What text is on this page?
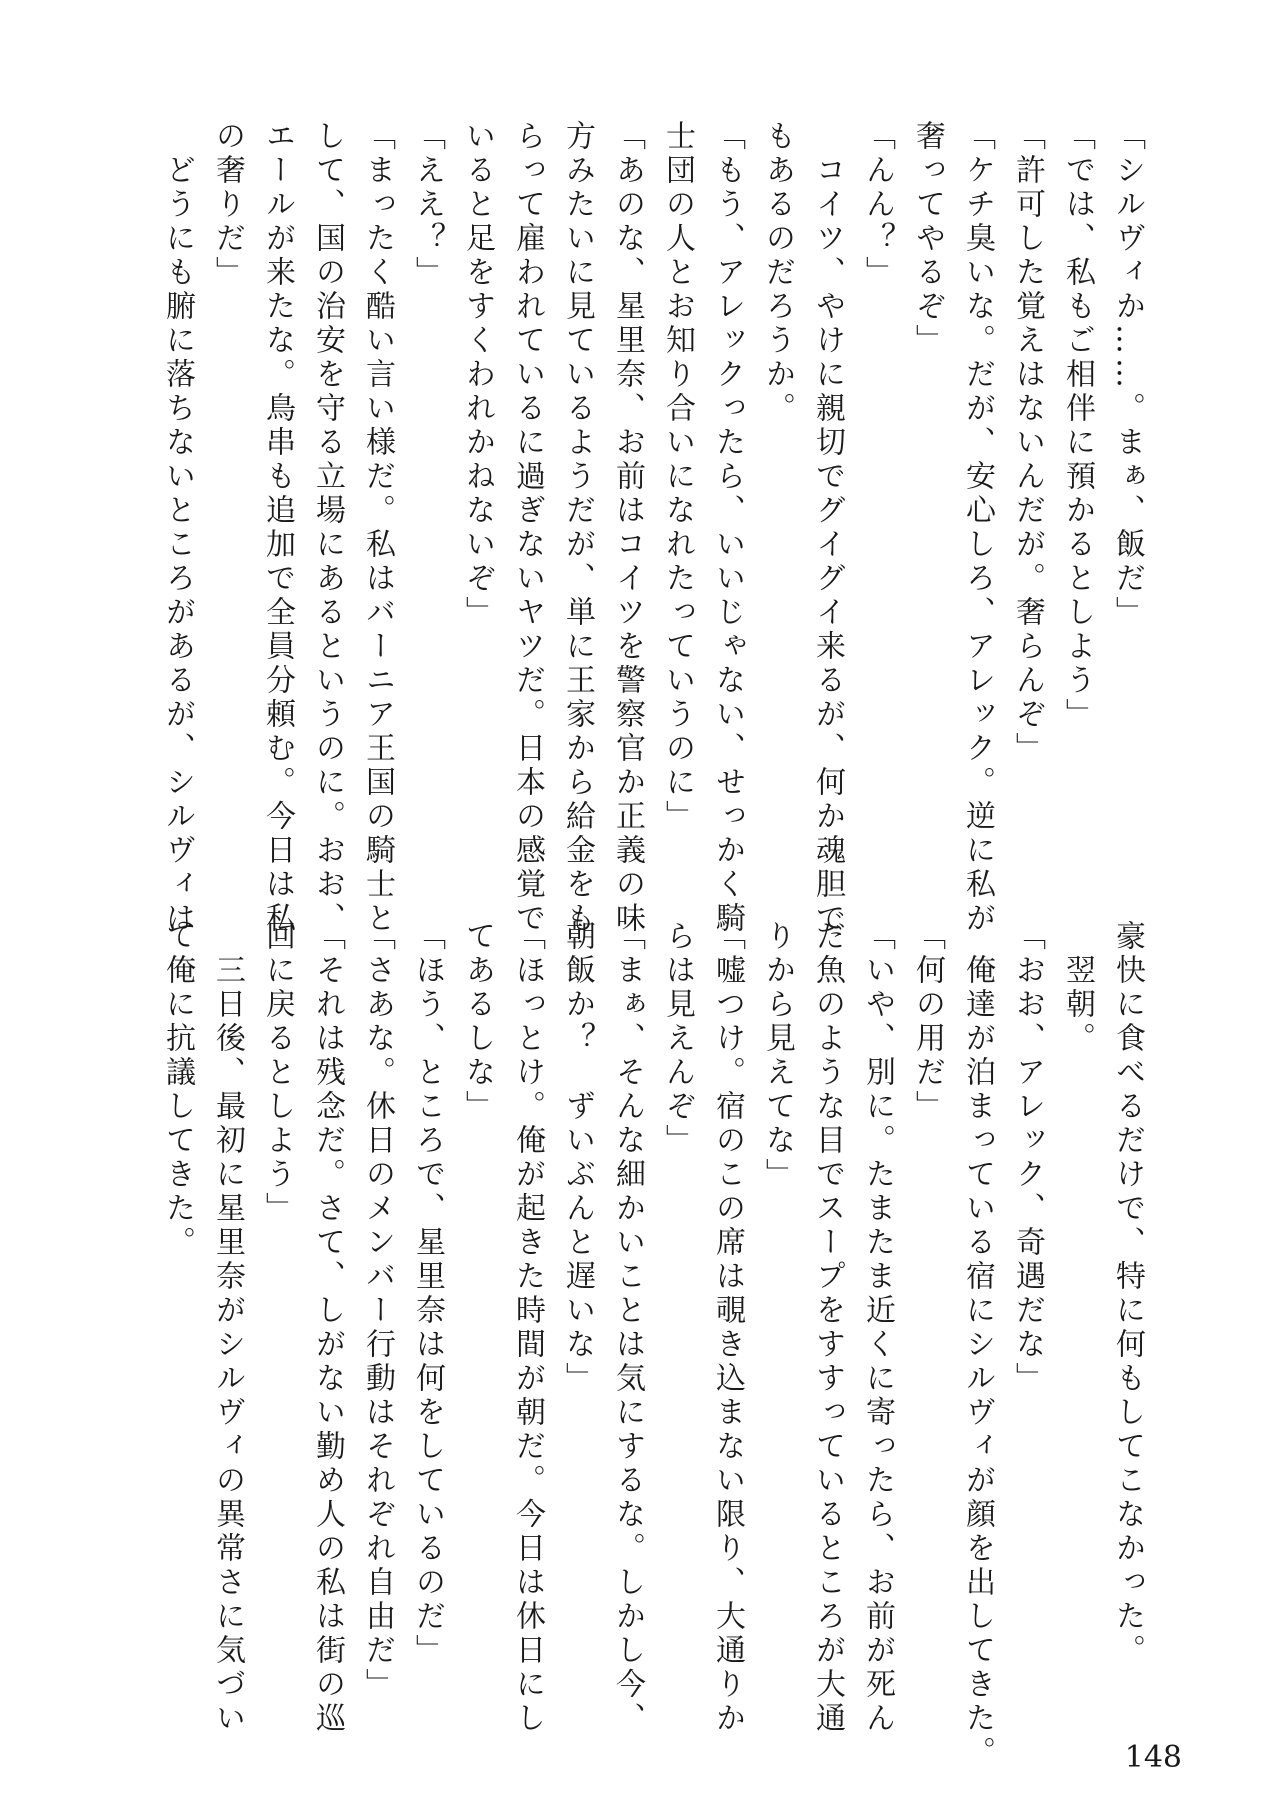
「シルヴィか……。まぁ、飯だ」
「では、私もご相伴に預かるとしよう」
「許可した覚えはないんだが。奢らんぞ」
「ケチ臭いな。だが、安心しろ、アレック。逆に私が
奢ってやるぞ」
「んん？」
　コイツ、やけに親切でグイグイ来るが、何か魂胆で
もあるのだろうか。
「もう、アレックったら、いいじゃない、せっかく騎
士団の人とお知り合いになれたっていうのに」
「あのな、星里奈、お前はコイツを警察官か正義の味
方みたいに見ているようだが、単に王家から給金をも
らって雇われているに過ぎないヤツだ。日本の感覚で
いると足をすくわれかねないぞ」
「ええ？」
「まったく酷い言い様だ。私はバーニア王国の騎士と
して、国の治安を守る立場にあるというのに。おお、
エールが来たな。鳥串も追加で全員分頼む。今日は私
の奢りだ」
　どうにも腑に落ちないところがあるが、シルヴィは
豪快に食べるだけで、特に何もしてこなかった。
　翌朝。
「おお、アレック、奇遇だな」
　俺達が泊まっている宿にシルヴィが顔を出してきた。
「何の用だ」
「いや、別に。たまたま近くに寄ったら、お前が死ん
だ魚のような目でスープをすすっているところが大通
りから見えてな」
「嘘つけ。宿のこの席は覗き込まない限り、大通りか
らは見えんぞ」
「まぁ、そんな細かいことは気にするな。しかし今、
朝飯か？　ずいぶんと遅いな」
「ほっとけ。俺が起きた時間が朝だ。今日は休日にし
てあるしな」
「ほう、ところで、星里奈は何をしているのだ」
「さあな。休日のメンバー行動はそれぞれ自由だ」
「それは残念だ。さて、しがない勤め人の私は街の巡
回に戻るとしよう」
　三日後、最初に星里奈がシルヴィの異常さに気づい
て俺に抗議してきた。
148
